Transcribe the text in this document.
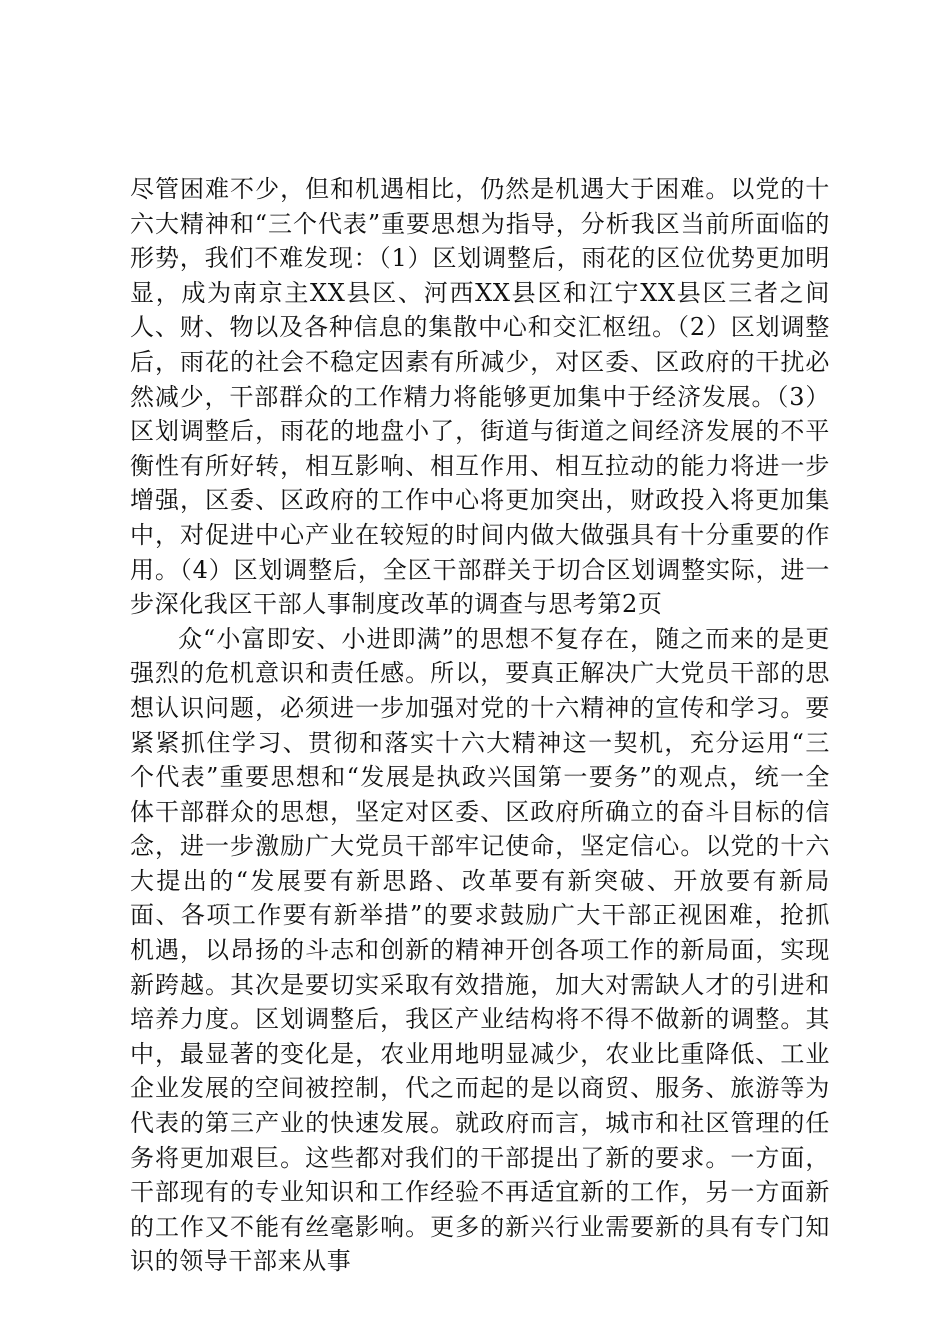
尽管困难不少，但和机遇相比，仍然是机遇大于困难。以党的十六大精神和“三个代表”重要思想为指导，分析我区当前所面临的形势，我们不难发现：（1）区划调整后，雨花的区位优势更加明显，成为南京主XX县区、河西XX县区和江宁XX县区三者之间人、财、物以及各种信息的集散中心和交汇枢纽。（2）区划调整后，雨花的社会不稳定因素有所减少，对区委、区政府的干扰必然减少，干部群众的工作精力将能够更加集中于经济发展。（3）区划调整后，雨花的地盘小了，街道与街道之间经济发展的不平衡性有所好转，相互影响、相互作用、相互拉动的能力将进一步增强，区委、区政府的工作中心将更加突出，财政投入将更加集中，对促进中心产业在较短的时间内做大做强具有十分重要的作用。（4）区划调整后，全区干部群关于切合区划调整实际，进一步深化我区干部人事制度改革的调查与思考第2页

众“小富即安、小进即满”的思想不复存在，随之而来的是更强烈的危机意识和责任感。所以，要真正解决广大党员干部的思想认识问题，必须进一步加强对党的十六精神的宣传和学习。要紧紧抓住学习、贯彻和落实十六大精神这一契机，充分运用“三个代表”重要思想和“发展是执政兴国第一要务”的观点，统一全体干部群众的思想，坚定对区委、区政府所确立的奋斗目标的信念，进一步激励广大党员干部牢记使命，坚定信心。以党的十六大提出的“发展要有新思路、改革要有新突破、开放要有新局面、各项工作要有新举措”的要求鼓励广大干部正视困难，抢抓机遇，以昂扬的斗志和创新的精神开创各项工作的新局面，实现新跨越。其次是要切实采取有效措施，加大对需缺人才的引进和培养力度。区划调整后，我区产业结构将不得不做新的调整。其中，最显著的变化是，农业用地明显减少，农业比重降低、工业企业发展的空间被控制，代之而起的是以商贸、服务、旅游等为代表的第三产业的快速发展。就政府而言，城市和社区管理的任务将更加艰巨。这些都对我们的干部提出了新的要求。一方面，干部现有的专业知识和工作经验不再适宜新的工作，另一方面新的工作又不能有丝毫影响。更多的新兴行业需要新的具有专门知识的领导干部来从事
